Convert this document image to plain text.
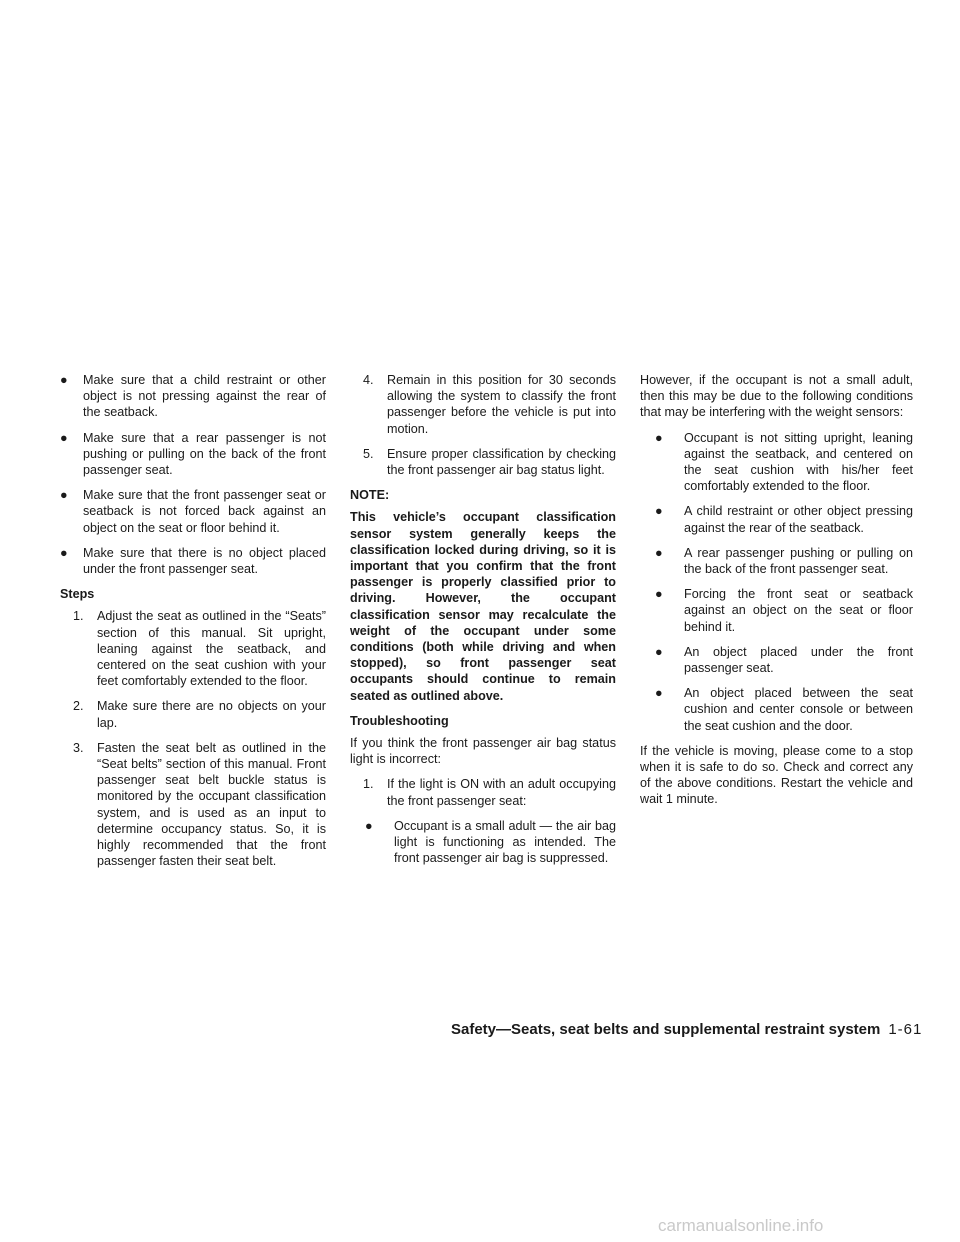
● Make sure that a child restraint or other object is not pressing against the rear of the seatback.

● Make sure that a rear passenger is not pushing or pulling on the back of the front passenger seat.

● Make sure that the front passenger seat or seatback is not forced back against an object on the seat or floor behind it.

● Make sure that there is no object placed under the front passenger seat.

Steps

1. Adjust the seat as outlined in the “Seats” section of this manual. Sit upright, leaning against the seatback, and centered on the seat cushion with your feet comfortably extended to the floor.

2. Make sure there are no objects on your lap.

3. Fasten the seat belt as outlined in the “Seat belts” section of this manual. Front passenger seat belt buckle status is monitored by the occupant classification system, and is used as an input to determine occupancy status. So, it is highly recommended that the front passenger fasten their seat belt.

4. Remain in this position for 30 seconds allowing the system to classify the front passenger before the vehicle is put into motion.

5. Ensure proper classification by checking the front passenger air bag status light.

NOTE:

This vehicle’s occupant classification sensor system generally keeps the classification locked during driving, so it is important that you confirm that the front passenger is properly classified prior to driving. However, the occupant classification sensor may recalculate the weight of the occupant under some conditions (both while driving and when stopped), so front passenger seat occupants should continue to remain seated as outlined above.

Troubleshooting

If you think the front passenger air bag status light is incorrect:

1. If the light is ON with an adult occupying the front passenger seat:

● Occupant is a small adult — the air bag light is functioning as intended. The front passenger air bag is suppressed.

However, if the occupant is not a small adult, then this may be due to the following conditions that may be interfering with the weight sensors:

● Occupant is not sitting upright, leaning against the seatback, and centered on the seat cushion with his/her feet comfortably extended to the floor.

● A child restraint or other object pressing against the rear of the seatback.

● A rear passenger pushing or pulling on the back of the front passenger seat.

● Forcing the front seat or seatback against an object on the seat or floor behind it.

● An object placed under the front passenger seat.

● An object placed between the seat cushion and center console or between the seat cushion and the door.

If the vehicle is moving, please come to a stop when it is safe to do so. Check and correct any of the above conditions. Restart the vehicle and wait 1 minute.

Safety—Seats, seat belts and supplemental restraint system 1-61
carmanualsonline.info
